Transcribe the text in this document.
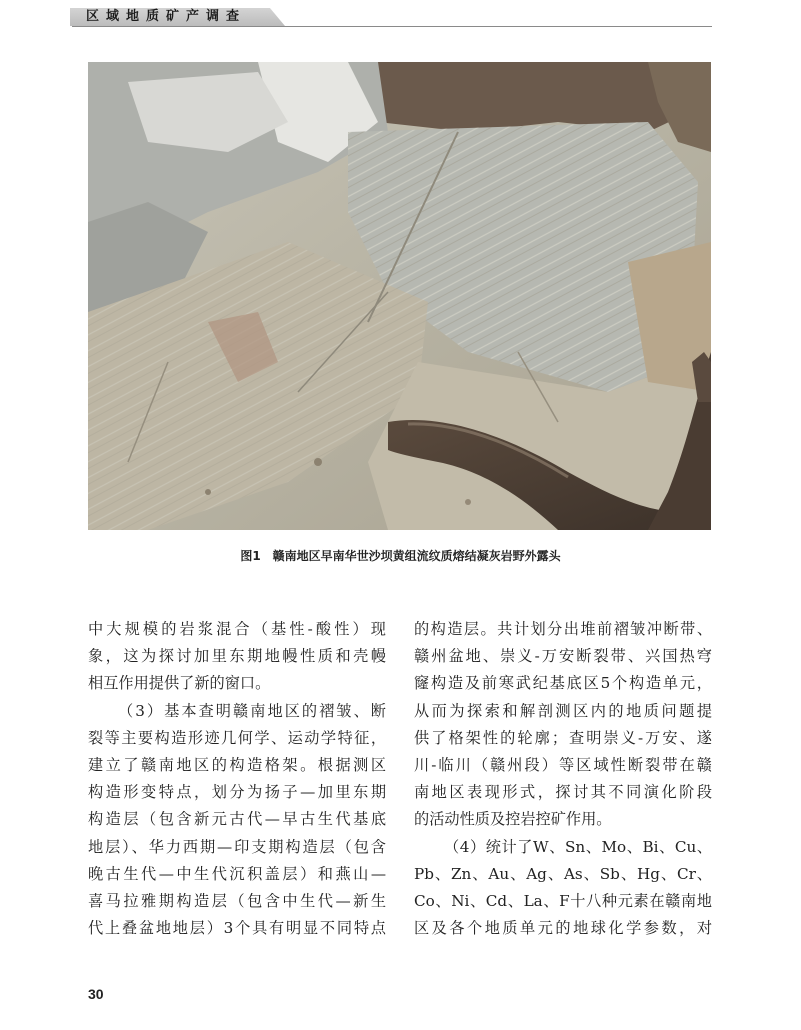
区域地质矿产调查
图1 赣南地区早南华世沙坝黄组流纹质熔结凝灰岩野外露头
中大规模的岩浆混合（基性-酸性）现
象，这为探讨加里东期地幔性质和壳幔
相互作用提供了新的窗口。
（3）基本查明赣南地区的褶皱、断
裂等主要构造形迹几何学、运动学特征，
建立了赣南地区的构造格架。根据测区
构造形变特点，划分为扬子—加里东期
构造层（包含新元古代—早古生代基底
地层）、华力西期—印支期构造层（包含
晚古生代—中生代沉积盖层）和燕山—
喜马拉雅期构造层（包含中生代—新生
代上叠盆地地层）3个具有明显不同特点
的构造层。共计划分出堆前褶皱冲断带、
赣州盆地、崇义-万安断裂带、兴国热穹
窿构造及前寒武纪基底区5个构造单元，
从而为探索和解剖测区内的地质问题提
供了格架性的轮廓；查明崇义-万安、遂
川-临川（赣州段）等区域性断裂带在赣
南地区表现形式，探讨其不同演化阶段
的活动性质及控岩控矿作用。
（4）统计了W、Sn、Mo、Bi、Cu、
Pb、Zn、Au、Ag、As、Sb、Hg、Cr、
Co、Ni、Cd、La、F十八种元素在赣南地
区及各个地质单元的地球化学参数，对
30
